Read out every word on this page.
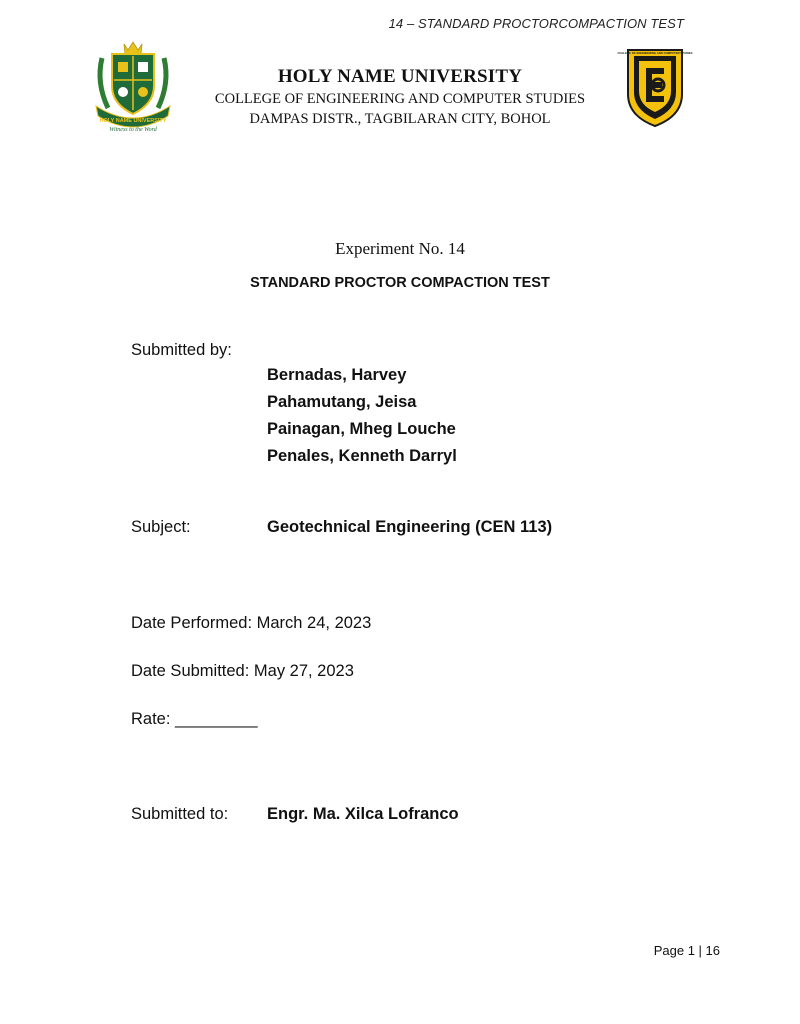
14 – STANDARD PROCTORCOMPACTION TEST
HOLY NAME UNIVERSITY
Witness to the Word
HOLY NAME UNIVERSITY
COLLEGE OF ENGINEERING AND COMPUTER STUDIES
DAMPAS DISTR., TAGBILARAN CITY, BOHOL
COLLEGE OF ENGINEERING AND COMPUTER STUDIES
Experiment No. 14
STANDARD PROCTOR COMPACTION TEST
Submitted by:
Bernadas, Harvey
Pahamutang, Jeisa
Painagan, Mheg Louche
Penales, Kenneth Darryl
Subject:	Geotechnical Engineering (CEN 113)
Date Performed: March 24, 2023
Date Submitted: May 27, 2023
Rate: _________
Submitted to: Engr. Ma. Xilca Lofranco
Page 1 | 16
